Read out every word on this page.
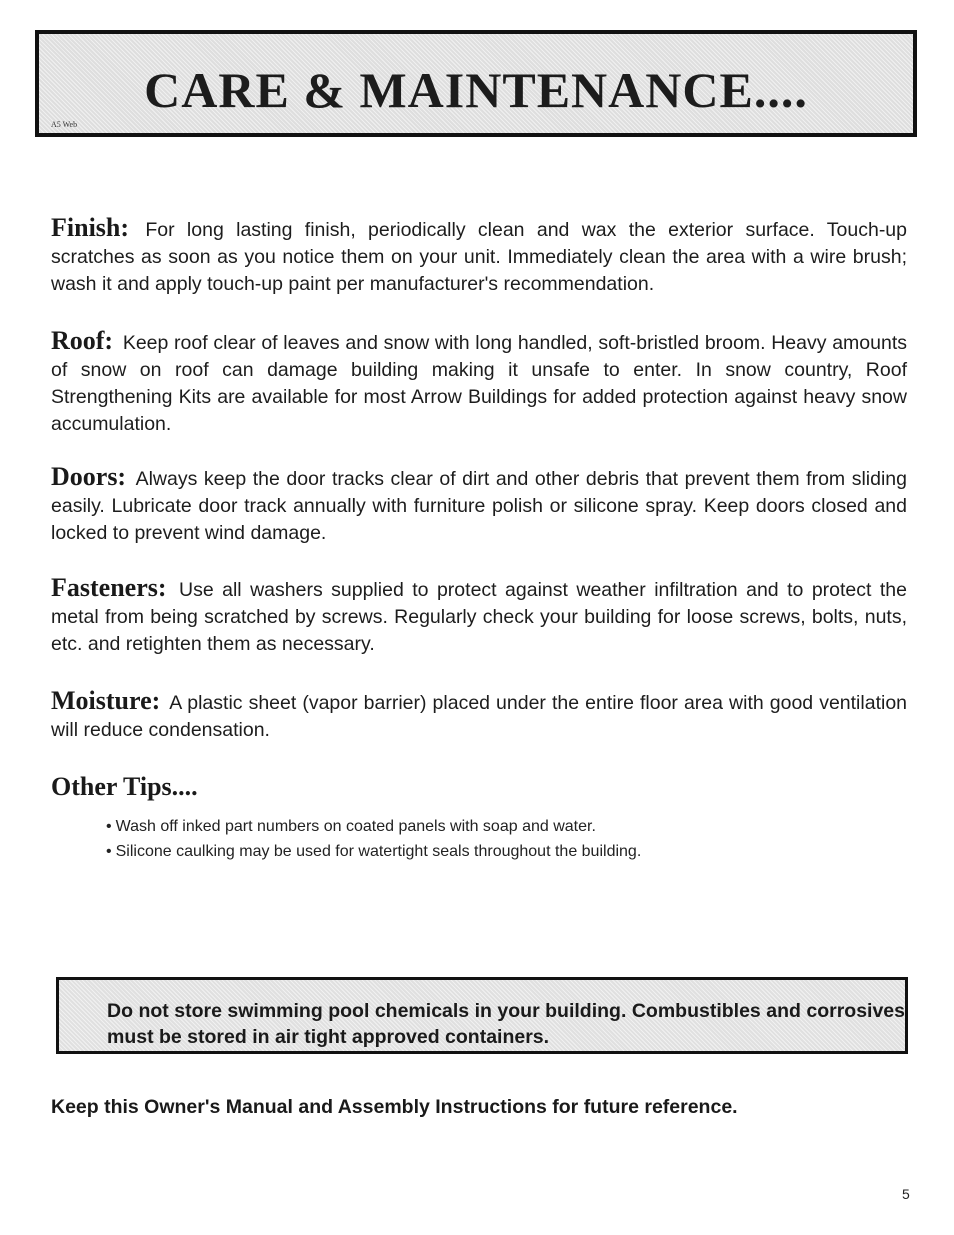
CARE & MAINTENANCE....
A5 Web
Finish: For long lasting finish, periodically clean and wax the exterior surface. Touch-up scratches as soon as you notice them on your unit. Immediately clean the area with a wire brush; wash it and apply touch-up paint per manufacturer's recommendation.
Roof: Keep roof clear of leaves and snow with long handled, soft-bristled broom. Heavy amounts of snow on roof can damage building making it unsafe to enter. In snow country, Roof Strengthening Kits are available for most Arrow Buildings for added protection against heavy snow accumulation.
Doors: Always keep the door tracks clear of dirt and other debris that prevent them from sliding easily. Lubricate door track annually with furniture polish or silicone spray. Keep doors closed and locked to prevent wind damage.
Fasteners: Use all washers supplied to protect against weather infiltration and to protect the metal from being scratched by screws. Regularly check your building for loose screws, bolts, nuts, etc. and retighten them as necessary.
Moisture: A plastic sheet (vapor barrier) placed under the entire floor area with good ventilation will reduce condensation.
Other Tips....
• Wash off inked part numbers on coated panels with soap and water.
• Silicone caulking may be used for watertight seals throughout the building.
Do not store swimming pool chemicals in your building. Combustibles and corrosives must be stored in air tight approved containers.
Keep this Owner's Manual and Assembly Instructions for future reference.
5
